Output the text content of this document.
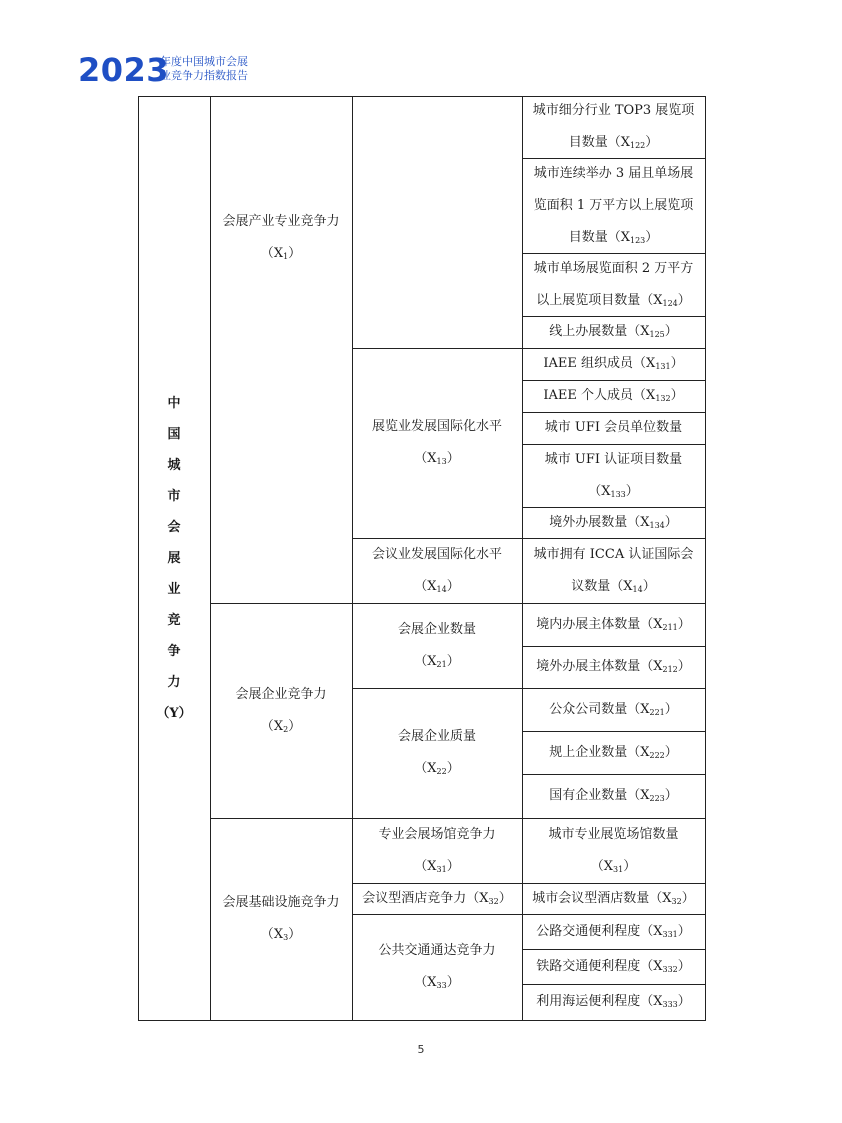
2023
年度中国城市会展
业竞争力指数报告
中
国
城
市
会
展
业
竞
争
力
（Y）
会展产业专业竞争力
$(X_1)$
会展企业竞争力
$(X_2)$
会展基础设施竞争力
$(X_3)$
展览业发展国际化水平
$(X_{13})$
会议业发展国际化水平
$(X_{14})$
会展企业数量
$(X_{21})$
会展企业质量
$(X_{22})$
专业会展场馆竞争力
$(X_{31})$
会议型酒店竞争力$(X_{32})$
公共交通通达竞争力
$(X_{33})$
城市细分行业 TOP3 展览项目数量$(X_{122})$
城市连续举办 3 届且单场展览面积 1 万平方以上展览项目数量$(X_{123})$
城市单场展览面积 2 万平方以上展览项目数量$(X_{124})$
线上办展数量$(X_{125})$
IAEE 组织成员$(X_{131})$
IAEE 个人成员$(X_{132})$
城市 UFI 会员单位数量
城市 UFI 认证项目数量$(X_{133})$
境外办展数量$(X_{134})$
城市拥有 ICCA 认证国际会议数量$(X_{14})$
境内办展主体数量$(X_{211})$
境外办展主体数量$(X_{212})$
公众公司数量$(X_{221})$
规上企业数量$(X_{222})$
国有企业数量$(X_{223})$
城市专业展览场馆数量$(X_{31})$
城市会议型酒店数量$(X_{32})$
公路交通便利程度$(X_{331})$
铁路交通便利程度$(X_{332})$
利用海运便利程度$(X_{333})$
5
